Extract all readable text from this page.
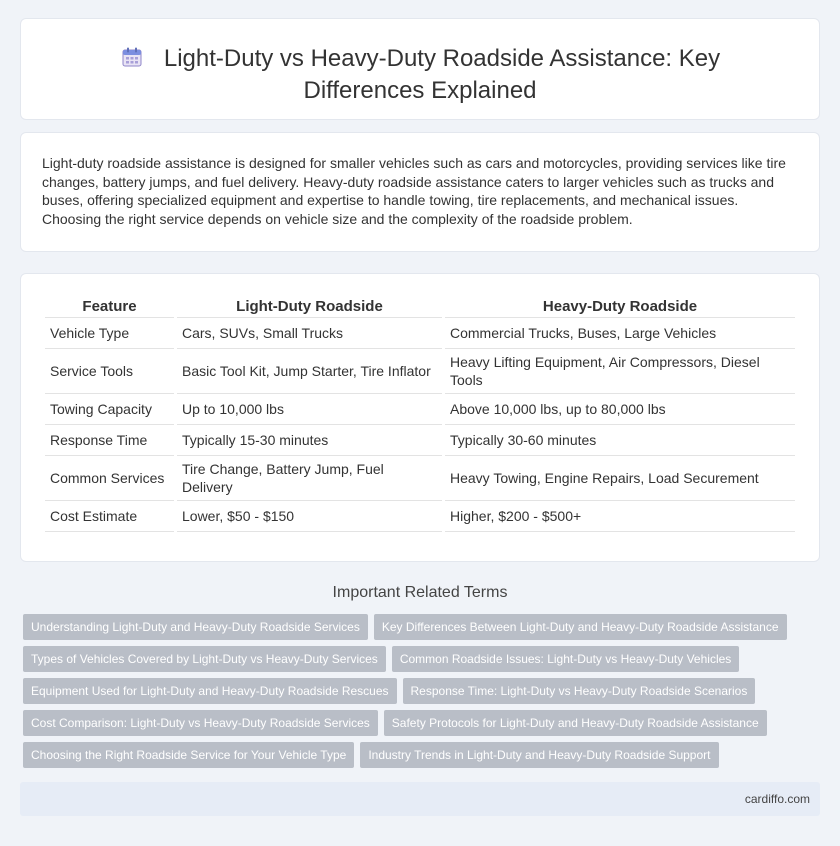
Light-Duty vs Heavy-Duty Roadside Assistance: Key Differences Explained
Light-duty roadside assistance is designed for smaller vehicles such as cars and motorcycles, providing services like tire changes, battery jumps, and fuel delivery. Heavy-duty roadside assistance caters to larger vehicles such as trucks and buses, offering specialized equipment and expertise to handle towing, tire replacements, and mechanical issues. Choosing the right service depends on vehicle size and the complexity of the roadside problem.
Feature	Light-Duty Roadside	Heavy-Duty Roadside
Vehicle Type	Cars, SUVs, Small Trucks	Commercial Trucks, Buses, Large Vehicles
Service Tools	Basic Tool Kit, Jump Starter, Tire Inflator	Heavy Lifting Equipment, Air Compressors, Diesel Tools
Towing Capacity	Up to 10,000 lbs	Above 10,000 lbs, up to 80,000 lbs
Response Time	Typically 15-30 minutes	Typically 30-60 minutes
Common Services	Tire Change, Battery Jump, Fuel Delivery	Heavy Towing, Engine Repairs, Load Securement
Cost Estimate	Lower, $50 - $150	Higher, $200 - $500+
Important Related Terms
Understanding Light-Duty and Heavy-Duty Roadside Services Key Differences Between Light-Duty and Heavy-Duty Roadside Assistance
Types of Vehicles Covered by Light-Duty vs Heavy-Duty Services Common Roadside Issues: Light-Duty vs Heavy-Duty Vehicles
Equipment Used for Light-Duty and Heavy-Duty Roadside Rescues Response Time: Light-Duty vs Heavy-Duty Roadside Scenarios
Cost Comparison: Light-Duty vs Heavy-Duty Roadside Services Safety Protocols for Light-Duty and Heavy-Duty Roadside Assistance
Choosing the Right Roadside Service for Your Vehicle Type Industry Trends in Light-Duty and Heavy-Duty Roadside Support
cardiffo.com
